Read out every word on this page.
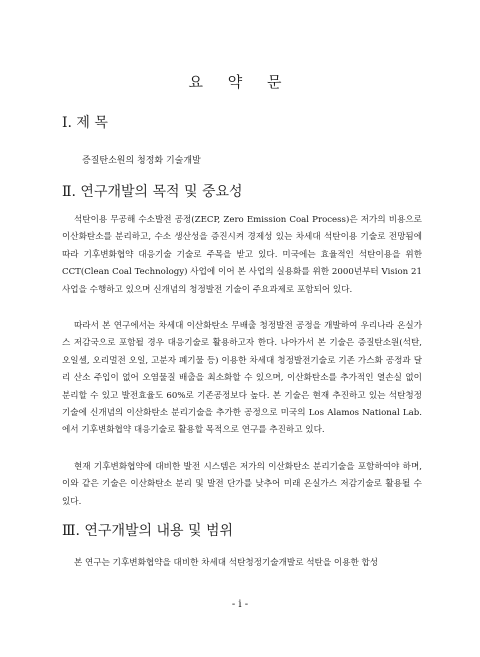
요 약 문
Ⅰ. 제 목

증질탄소원의 청정화 기술개발

Ⅱ. 연구개발의 목적 및 중요성

석탄이용 무공해 수소발전 공정(ZECP, Zero Emission Coal Process)은 저가의 비용으로 이산화탄소를 분리하고, 수소 생산성을 증진시켜 경제성 있는 차세대 석탄이용 기술로 전망됨에 따라 기후변화협약 대응기술 기술로 주목을 받고 있다. 미국에는 효율적인 석탄이용을 위한 CCT(Clean Coal Technology) 사업에 이어 본 사업의 실용화를 위한 2000년부터 Vision 21 사업을 수행하고 있으며 신개념의 청정발전 기술이 주요과제로 포함되어 있다.

따라서 본 연구에서는 차세대 이산화탄소 무배출 청정발전 공정을 개발하여 우리나라 온실가스 저감국으로 포함될 경우 대응기술로 활용하고자 한다. 나아가서 본 기술은 증질탄소원(석탄, 오일셀, 오리멀전 오일, 고분자 폐기물 등) 이용한 차세대 청정발전기술로 기존 가스화 공정과 달리 산소 주입이 없어 오염물질 배출을 최소화할 수 있으며, 이산화탄소를 추가적인 열손실 없이 분리할 수 있고 발전효율도 60%로 기존공정보다 높다. 본 기술은 현재 추진하고 있는 석탄청정기술에 신개념의 이산화탄소 분리기술을 추가한 공정으로 미국의 Los Alamos National Lab.에서 기후변화협약 대응기술로 활용할 목적으로 연구를 추진하고 있다.

현재 기후변화협약에 대비한 발전 시스템은 저가의 이산화탄소 분리기술을 포함하여야 하며, 이와 같은 기술은 이산화탄소 분리 및 발전 단가를 낮추어 미래 온실가스 저감기술로 활용될 수 있다.

Ⅲ. 연구개발의 내용 및 범위

본 연구는 기후변화협약을 대비한 차세대 석탄청정기술개발로 석탄을 이용한 합성

- i -
